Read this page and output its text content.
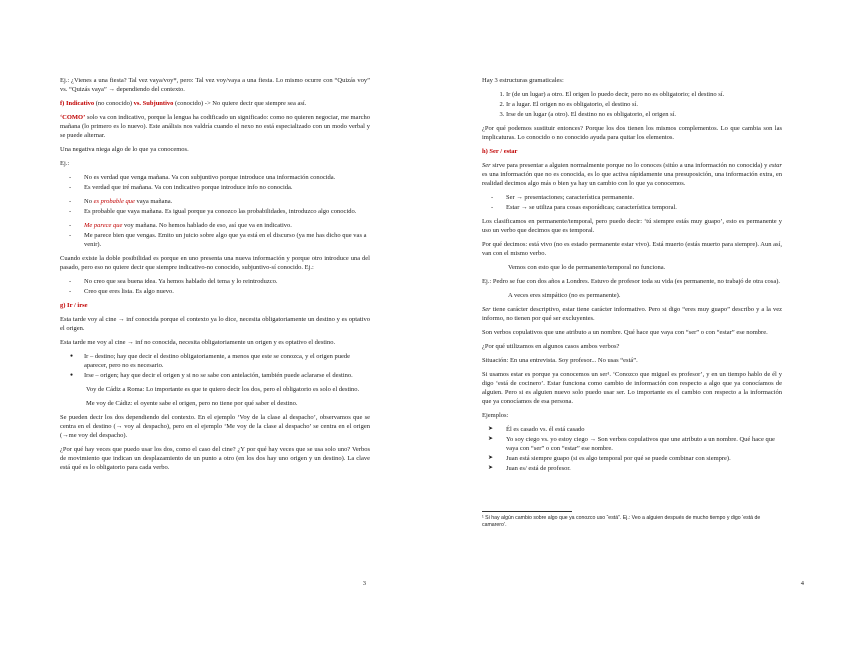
Ej.: ¿Vienes a una fiesta? Tal vez vaya/voy*, pero: Tal vez voy/vaya a una fiesta. Lo mismo ocurre con “Quizás voy” vs. “Quizás vaya” → dependiendo del contexto.

f) Indicativo (no conocido) vs. Subjuntivo (conocido) -> No quiere decir que siempre sea así.

‘COMO’ solo va con indicativo, porque la lengua ha codificado un significado: como no quieren negociar, me marcho mañana (lo primero es lo nuevo). Este análisis nos valdría cuando el nexo no está especializado con un modo verbal y se puede alternar.

Una negativa niega algo de lo que ya conocemos.

Ej.:

- No es verdad que venga mañana. Va con subjuntivo porque introduce una información conocida.
- Es verdad que iré mañana. Va con indicativo porque introduce info no conocida.
- No es probable que vaya mañana.
- Es probable que vaya mañana. Es igual porque ya conozco las probabilidades, introduzco algo conocido.
- Me parece que voy mañana. No hemos hablado de eso, así que va en indicativo.
- Me parece bien que vengas. Emito un juicio sobre algo que ya está en el discurso (ya me has dicho que vas a venir).

Cuando existe la doble posibilidad es porque en uno presenta una nueva información y porque otro introduce una del pasado, pero eso no quiere decir que siempre indicativo-no conocido, subjuntivo-sí conocido. Ej.:

- No creo que sea buena idea. Ya hemos hablado del tema y lo reintroduzco.
- Creo que eres lista. Es algo nuevo.

g) Ir / irse

Esta tarde voy al cine → inf conocida porque el contexto ya lo dice, necesita obligatoriamente un destino y es optativo el origen.

Esta tarde me voy al cine → inf no conocida, necesita obligatoriamente un origen y es optativo el destino.

● Ir – destino; hay que decir el destino obligatoriamente, a menos que este se conozca, y el origen puede aparecer, pero no es necesario.
● Irse – origen; hay que decir el origen y si no se sabe con antelación, también puede aclararse el destino.

Voy de Cádiz a Roma: Lo importante es que te quiero decir los dos, pero el obligatorio es solo el destino.

Me voy de Cádiz: el oyente sabe el origen, pero no tiene por qué saber el destino.

Se pueden decir los dos dependiendo del contexto. En el ejemplo ‘Voy de la clase al despacho’, observamos que se centra en el destino (→ voy al despacho), pero en el ejemplo ‘Me voy de la clase al despacho’ se centra en el origen (→me voy del despacho).

¿Por qué hay veces que puedo usar los dos, como el caso del cine? ¿Y por qué hay veces que se usa solo uno? Verbos de movimiento que indican un desplazamiento de un punto a otro (en los dos hay uno origen y un destino). La clave está qué es lo obligatorio para cada verbo.

3

Hay 3 estructuras gramaticales:

1. Ir (de un lugar) a otro. El origen lo puedo decir, pero no es obligatorio; el destino sí.
2. Ir a lugar. El origen no es obligatorio, el destino sí.
3. Irse de un lugar (a otro). El destino no es obligatorio, el origen sí.

¿Por qué podemos sustituir entonces? Porque los dos tienen los mismos complementos. Lo que cambia son las implicaturas. Lo conocido o no conocido ayuda para quitar los elementos.

h) Ser / estar

Ser sirve para presentar a alguien normalmente porque no lo conoces (sitúo a una información no conocida) y estar es una información que no es conocida, es lo que activa rápidamente una presuposición, una información extra, en realidad decimos algo más o bien ya hay un cambio con lo que ya conocemos.

- Ser → presentaciones; característica permanente.
- Estar → se utiliza para cosas esporádicas; característica temporal.

Los clasificamos en permanente/temporal, pero puedo decir: ‘tú siempre estás muy guapo’, esto es permanente y uso un verbo que decimos que es temporal.

Por qué decimos: está vivo (no es estado permanente estar vivo). Está muerto (estás muerto para siempre). Aun así, van con el mismo verbo.

Vemos con esto que lo de permanente/temporal no funciona.

Ej.: Pedro se fue con dos años a Londres. Estuvo de profesor toda su vida (es permanente, no trabajó de otra cosa).

A veces eres simpático (no es permanente).

Ser tiene carácter descriptivo, estar tiene carácter informativo. Pero si digo “eres muy guapo” describo y a la vez informo, no tienen por qué ser excluyentes.

Son verbos copulativos que une atributo a un nombre. Qué hace que vaya con “ser” o con “estar” ese nombre.

¿Por qué utilizamos en algunos casos ambos verbos?

Situación: En una entrevista. Soy profesor... No usas “está”.

Si usamos estar es porque ya conocemos un ser¹. ‘Conozco que miguel es profesor’, y en un tiempo hablo de él y digo ‘está de cocinero’. Estar funciona como cambio de información con respecto a algo que ya conocíamos de alguien. Pero si es alguien nuevo solo puedo usar ser. Lo importante es el cambio con respecto a la información que ya conocíamos de esa persona.

Ejemplos:

➤ Él es casado vs. él está casado
➤ Yo soy ciego vs. yo estoy ciego → Son verbos copulativos que une atributo a un nombre. Qué hace que vaya con “ser” o con “estar” ese nombre.
➤ Juan está siempre guapo (si es algo temporal por qué se puede combinar con siempre).
➤ Juan es/ está de profesor.
¹ Si hay algún cambio sobre algo que ya conozco uso “está”. Ej.: Veo a alguien después de mucho tiempo y digo ‘está de camarero’.
4
